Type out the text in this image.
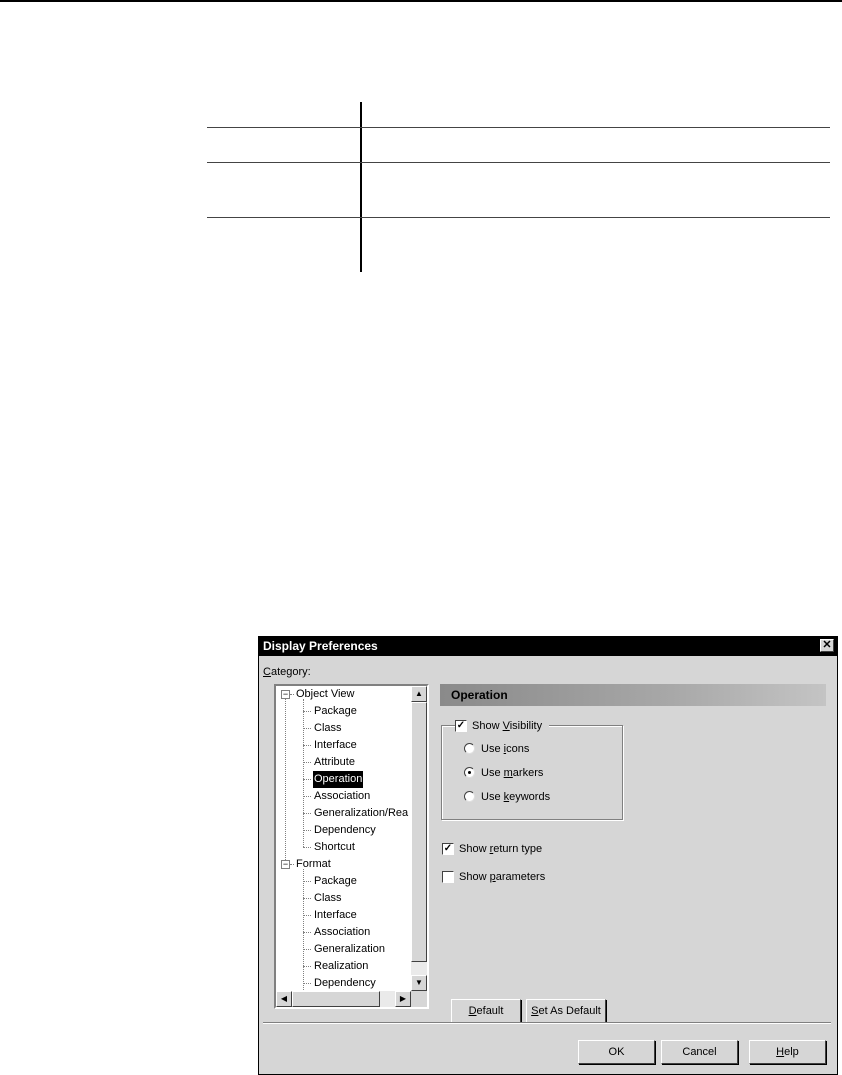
Display Preferences	✕
Category:
− Object View
Package
Class
Interface
Attribute
Operation
Association
Generalization/Rea
Dependency
Shortcut
− Format
Package
Class
Interface
Association
Generalization
Realization
Dependency
▲
▼
◀	▶
Operation
✓ Show Visibility
Use icons
Use markers
Use keywords
✓ Show return type
Show parameters
Default	Set As Default
OK	Cancel	Help
